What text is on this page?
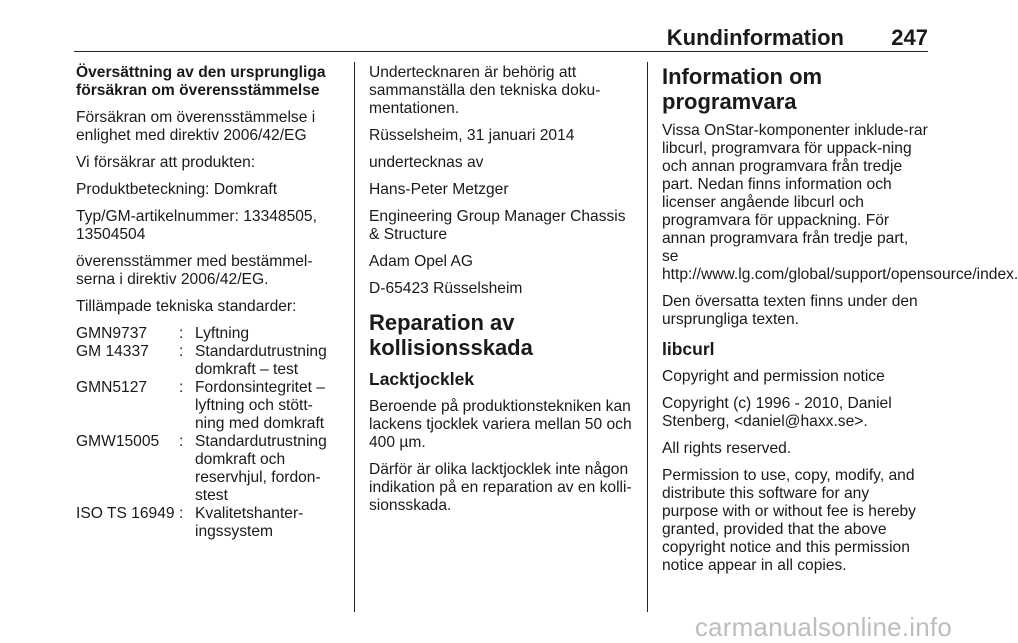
Kundinformation 247

Översättning av den ursprungliga försäkran om överensstämmelse

Försäkran om överensstämmelse i enlighet med direktiv 2006/42/EG

Vi försäkrar att produkten:

Produktbeteckning: Domkraft

Typ/GM-artikelnummer: 13348505, 13504504

överensstämmer med bestämmel-serna i direktiv 2006/42/EG.

Tillämpade tekniska standarder:

GMN9737	: Lyftning
GM 14337	: Standardutrustning domkraft – test
GMN5127	: Fordonsintegritet – lyftning och stött-ning med domkraft
GMW15005	: Standardutrustning domkraft och reservhjul, fordon-stest
ISO TS 16949 : Kvalitetshanter-ingssystem

Undertecknaren är behörig att sammanställa den tekniska doku-mentationen.

Rüsselsheim, 31 januari 2014

undertecknas av

Hans-Peter Metzger

Engineering Group Manager Chassis & Structure

Adam Opel AG

D-65423 Rüsselsheim

Reparation av kollisionsskada
Lacktjocklek

Beroende på produktionstekniken kan lackens tjocklek variera mellan 50 och 400 µm.

Därför är olika lacktjocklek inte någon indikation på en reparation av en kolli-sionsskada.

Information om programvara

Vissa OnStar-komponenter inklude-rar libcurl, programvara för uppack-ning och annan programvara från tredje part. Nedan finns information och licenser angående libcurl och programvara för uppackning. För annan programvara från tredje part, se http://www.lg.com/global/support/opensource/index.

Den översatta texten finns under den ursprungliga texten.

libcurl

Copyright and permission notice

Copyright (c) 1996 - 2010, Daniel Stenberg, <daniel@haxx.se>.

All rights reserved.

Permission to use, copy, modify, and distribute this software for any purpose with or without fee is hereby granted, provided that the above copyright notice and this permission notice appear in all copies.

carmanualsonline.info
